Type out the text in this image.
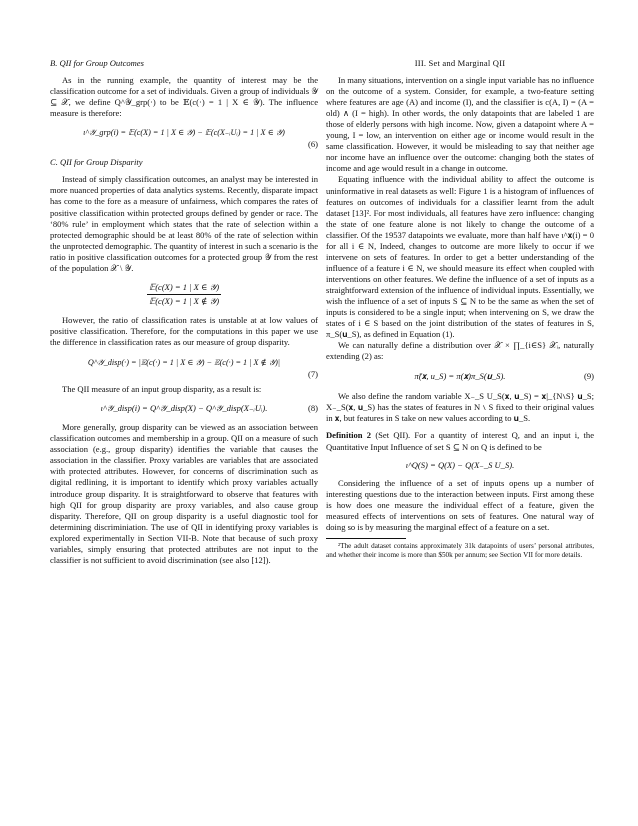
B. QII for Group Outcomes

As in the running example, the quantity of interest may be the classification outcome for a set of individuals. Given a group of individuals 𝒴 ⊆ 𝒳, we define Q^𝒴_grp(·) to be 𝔼(c(·) = 1 | X ∈ 𝒴). The influence measure is therefore:

ι^𝒴_grp(i) = 𝔼(c(X) = 1 | X ∈ 𝒴) − 𝔼(c(X₋ᵢUᵢ) = 1 | X ∈ 𝒴)
(6)
C. QII for Group Disparity

Instead of simply classification outcomes, an analyst may be interested in more nuanced properties of data analytics systems. Recently, disparate impact has come to the fore as a measure of unfairness, which compares the rates of positive classification within protected groups defined by gender or race. The ‘80% rule’ in employment which states that the rate of selection within a protected demographic should be at least 80% of the rate of selection within the unprotected demographic. The quantity of interest in such a scenario is the ratio in positive classification outcomes for a protected group 𝒴 from the rest of the population 𝒳 \ 𝒴.

$\frac{\text{𝔼(c(X) = 1 | X ∈ 𝒴)}}{\text{𝔼(c(X) = 1 | X ∉ 𝒴)}}$

However, the ratio of classification rates is unstable at at low values of positive classification. Therefore, for the computations in this paper we use the difference in classification rates as our measure of group disparity.

Q^𝒴_disp(·) = |𝔼(c(·) = 1 | X ∈ 𝒴) − 𝔼(c(·) = 1 | X ∉ 𝒴)|
(7)

The QII measure of an input group disparity, as a result is:

ι^𝒴_disp(i) = Q^𝒴_disp(X) − Q^𝒴_disp(X₋ᵢUᵢ).	(8)

More generally, group disparity can be viewed as an association between classification outcomes and membership in a group. QII on a measure of such association (e.g., group disparity) identifies the variable that causes the association in the classifier. Proxy variables are variables that are associated with protected attributes. However, for concerns of discrimination such as digital redlining, it is important to identify which proxy variables actually introduce group disparity. It is straightforward to observe that features with high QII for group disparity are proxy variables, and also cause group disparity. Therefore, QII on group disparity is a useful diagnostic tool for determining discriminiation. The use of QII in identifying proxy variables is explored experimentally in Section VII-B. Note that because of such proxy variables, simply ensuring that protected attributes are not input to the classifier is not sufficient to avoid discrimination (see also [12]).

III. Set and Marginal QII

In many situations, intervention on a single input variable has no influence on the outcome of a system. Consider, for example, a two-feature setting where features are age (A) and income (I), and the classifier is c(A, I) = (A = old) ∧ (I = high). In other words, the only datapoints that are labeled 1 are those of elderly persons with high income. Now, given a datapoint where A = young, I = low, an intervention on either age or income would result in the same classification. However, it would be misleading to say that neither age nor income have an influence over the outcome: changing both the states of income and age would result in a change in outcome.

Equating influence with the individual ability to affect the outcome is uninformative in real datasets as well: Figure 1 is a histogram of influences of features on outcomes of individuals for a classifier learnt from the adult dataset [13]². For most individuals, all features have zero influence: changing the state of one feature alone is not likely to change the outcome of a classifier. Of the 19537 datapoints we evaluate, more than half have ι^𝐱(i) = 0 for all i ∈ N, Indeed, changes to outcome are more likely to occur if we intervene on sets of features. In order to get a better understanding of the influence of a feature i ∈ N, we should measure its effect when coupled with interventions on other features. We define the influence of a set of inputs as a straightforward extension of the influence of individual inputs. Essentially, we wish the influence of a set of inputs S ⊆ N to be the same as when the set of inputs is considered to be a single input; when intervening on S, we draw the states of i ∈ S based on the joint distribution of the states of features in S, π_S(𝐮_S), as defined in Equation (1).

We can naturally define a distribution over 𝒳 × ∏_{i∈S} 𝒳ᵢ, naturally extending (2) as:

π̃(𝐱, u_S) = π(𝐱)π_S(𝐮_S).	(9)

We also define the random variable X₋_S U_S(𝐱, 𝐮_S) = 𝐱|_{N∖S} 𝐮_S; X₋_S(𝐱, 𝐮_S) has the states of features in N ∖ S fixed to their original values in 𝐱, but features in S take on new values according to 𝐮_S.

Definition 2 (Set QII). For a quantity of interest Q, and an input i, the Quantitative Input Influence of set S ⊆ N on Q is defined to be

ι^Q(S) = Q(X) − Q(X₋_S U_S).

Considering the influence of a set of inputs opens up a number of interesting questions due to the interaction between inputs. First among these is how does one measure the individual effect of a feature, given the measured effects of interventions on sets of features. One natural way of doing so is by measuring the marginal effect of a feature on a set.

²The adult dataset contains approximately 31k datapoints of users’ personal attributes, and whether their income is more than $50k per annum; see Section VII for more details.
